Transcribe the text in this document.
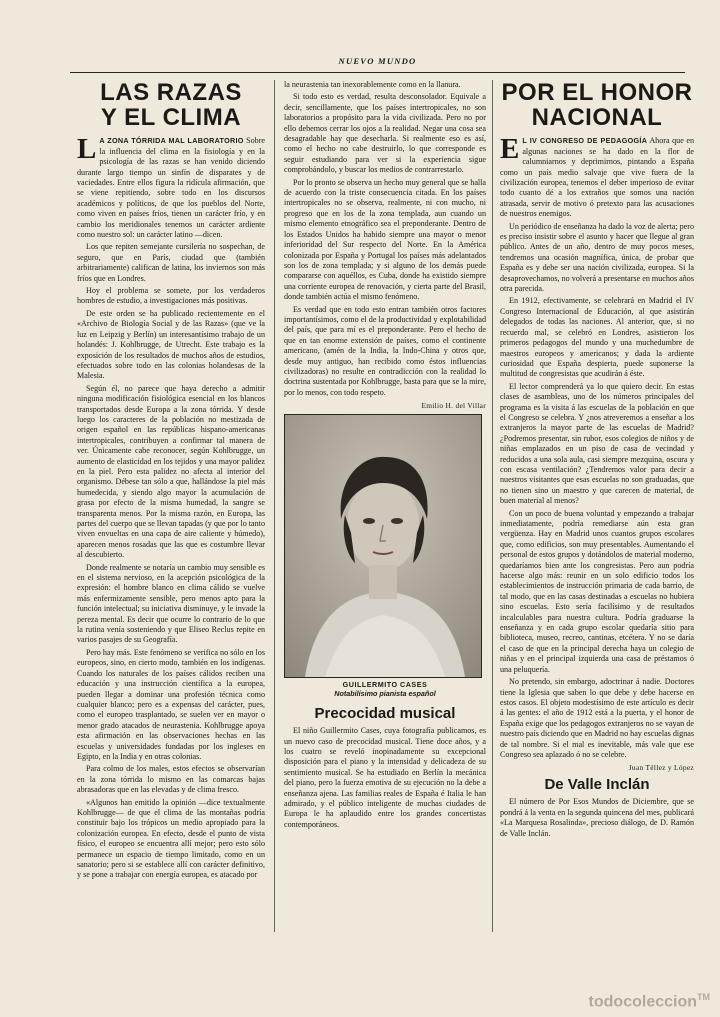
NUEVO MUNDO
LAS RAZAS
Y EL CLIMA

L A ZONA TÓRRIDA MAL LABORATORIO Sobre la influencia del clima en la fisiología y en la psicología de las razas se han venido diciendo durante largo tiempo un sinfín de disparates y de vaciedades. Entre ellos figura la ridícula afirmación, que se viene repitiendo, sobre todo en los discursos académicos y políticos, de que los pueblos del Norte, como viven en países fríos, tienen un carácter frío, y en cambio los meridionales tenemos un carácter ardiente como nuestro sol: un carácter latino —dicen.

Los que repiten semejante cursilería no sospechan, de seguro, que en París, ciudad que (también arbitrariamente) califican de latina, los inviernos son más fríos que en Londres.

Hoy el problema se somete, por los verdaderos hombres de estudio, a investigaciones más positivas.

De este orden se ha publicado recientemente en el «Archivo de Biología Social y de las Razas» (que ve la luz en Leipzig y Berlín) un interesantísimo trabajo de un holandés: J. Kohlbrugge, de Utrecht. Este trabajo es la exposición de los resultados de muchos años de estudios, efectuados sobre todo en las colonias holandesas de la Malesia.

Según él, no parece que haya derecho a admitir ninguna modificación fisiológica esencial en los blancos transportados desde Europa a la zona tórrida. Y desde luego los caracteres de la población no mestizada de origen español en las repúblicas hispano-americanas intertropicales, contribuyen a confirmar tal manera de ver. Únicamente cabe reconocer, según Kohlbrugge, un aumento de elasticidad en los tejidos y una mayor palidez en la piel. Pero esta palidez no afecta al interior del organismo. Débese tan sólo a que, hallándose la piel más humedecida, y siendo algo mayor la acumulación de grasa por efecto de la misma humedad, la sangre se transparenta menos. Por la misma razón, en Europa, las partes del cuerpo que se llevan tapadas (y que por lo tanto viven envueltas en una capa de aire caliente y húmedo), aparecen menos rosadas que las que es costumbre llevar al descubierto.

Donde realmente se notaría un cambio muy sensible es en el sistema nervioso, en la acepción psicológica de la expresión: el hombre blanco en clima cálido se vuelve más enfermizamente sensible, pero menos apto para la función intelectual; su iniciativa disminuye, y le invade la pereza mental. Es decir que ocurre lo contrario de lo que la rutina venía sosteniendo y que Eliseo Reclus repite en varios pasajes de su Geografía.

Pero hay más. Este fenómeno se verifica no sólo en los europeos, sino, en cierto modo, también en los indígenas. Cuando los naturales de los países cálidos reciben una educación y una instrucción científica a la europea, pueden llegar a dominar una profesión técnica como cualquier blanco; pero es a expensas del carácter, pues, como el europeo trasplantado, se suelen ver en mayor o menor grado atacados de neurastenia. Kohlbrugge apoya esta afirmación en las observaciones hechas en las escuelas y universidades fundadas por los ingleses en Egipto, en la India y en otras colonias.

Para colmo de los males, estos efectos se observarían en la zona tórrida lo mismo en las comarcas bajas abrasadoras que en las elevadas y de clima fresco.

«Algunos han emitido la opinión —dice textualmente Kohlbrugge— de que el clima de las montañas podría constituir bajo los trópicos un medio apropiado para la colonización europea. En efecto, desde el punto de vista físico, el europeo se encuentra allí mejor; pero esto sólo permanece un espacio de tiempo limitado, como en un sanatorio; pero si se establece allí con carácter definitivo, y se pone a trabajar con energía europea, es atacado por

la neurastenia tan inexorablemente como en la llanura.

Si todo esto es verdad, resulta desconsolador. Equivale a decir, sencillamente, que los países intertropicales, no son laboratorios a propósito para la vida civilizada. Pero no por ello debemos cerrar los ojos a la realidad. Negar una cosa sea desagradable hay que desecharla. Si realmente eso es así, como el hecho no cabe destruirlo, lo que corresponde es seguir estudiando para ver si la experiencia sigue comprobándolo, y buscar los medios de contrarrestarlo.

Por lo pronto se observa un hecho muy general que se halla de acuerdo con la triste consecuencia citada. En los países intertropicales no se observa, realmente, ni con mucho, ni progreso que en los de la zona templada, aun cuando un mismo elemento etnográfico sea el preponderante. Dentro de los Estados Unidos ha habido siempre una mayor o menor inferioridad del Sur respecto del Norte. En la América colonizada por España y Portugal los países más adelantados son los de zona templada; y si alguno de los demás puede compararse con aquéllos, es Cuba, donde ha existido siempre una corriente europea de renovación, y cierta parte del Brasil, donde también actúa el mismo fenómeno.

Es verdad que en todo esto entran también otros factores importantísimos, como el de la productividad y explotabilidad del país, que para mí es el preponderante. Pero el hecho de que en tan enorme extensión de países, como el continente americano, (amén de la India, la Indo-China y otros que, desde muy antiguo, han recibido como éstos influencias civilizadoras) no resulte en contradicción con la realidad lo doctrina sustentada por Kohlbrugge, basta para que se la mire, por lo menos, con todo respeto.

Emilio H. del Villar
GUILLERMITO CASES
Notabilísimo pianista español
Precocidad musical

El niño Guillermito Cases, cuya fotografía publicamos, es un nuevo caso de precocidad musical. Tiene doce años, y a los cuatro se reveló inopinadamente su excepcional disposición para el piano y la intensidad y delicadeza de su sentimiento musical. Se ha estudiado en Berlín la mecánica del piano, pero la fuerza emotiva de su ejecución no la debe a enseñanza ajena. Las familias reales de España é Italia le han admirado, y el público inteligente de muchas ciudades de Europa le ha aplaudido entre los grandes concertistas contemporáneos.

POR EL HONOR
NACIONAL

E L IV CONGRESO DE PEDAGOGÍA Ahora que en algunas naciones se ha dado en la flor de calumniarnos y deprimirnos, pintando a España como un país medio salvaje que vive fuera de la civilización europea, tenemos el deber imperioso de evitar todo cuanto dé a los extraños que somos una nación atrasada, servir de motivo ó pretexto para las acusaciones de nuestros enemigos.

Un periódico de enseñanza ha dado la voz de alerta; pero es preciso insistir sobre el asunto y hacer que llegue al gran público. Antes de un año, dentro de muy pocos meses, tendremos una ocasión magnífica, única, de probar que España es y debe ser una nación civilizada, europea. Si la desaprovechamos, no volverá a presentarse en muchos años otra parecida.

En 1912, efectivamente, se celebrará en Madrid el IV Congreso Internacional de Educación, al que asistirán delegados de todas las naciones. Al anterior, que, si no recuerdo mal, se celebró en Londres, asistieron los primeros pedagogos del mundo y una muchedumbre de maestros europeos y americanos; y dada la ardiente curiosidad que España despierta, puede suponerse la multitud de congresistas que acudirán á éste.

El lector comprenderá ya lo que quiero decir. En estas clases de asambleas, uno de los números principales del programa es la visita á las escuelas de la población en que el Congreso se celebra. Y ¿nos atreveremos a enseñar a los extranjeros la mayor parte de las escuelas de Madrid? ¿Podremos presentar, sin rubor, esos colegios de niños y de niñas emplazados en un piso de casa de vecindad y reducidos a una sola aula, casi siempre mezquina, oscura y con escasa ventilación? ¿Tendremos valor para decir a nuestros visitantes que esas escuelas no son graduadas, que no tienen sino un maestro y que carecen de material, de buen material al menos?

Con un poco de buena voluntad y empezando a trabajar inmediatamente, podría remediarse aún esta gran vergüenza. Hay en Madrid unos cuantos grupos escolares que, como edificios, son muy presentables. Aumentando el personal de estos grupos y dotándolos de material moderno, quedaríamos bien ante los congresistas. Pero aun podría hacerse algo más: reunir en un solo edificio todos los establecimientos de instrucción primaria de cada barrio, de tal modo, que en las casas destinadas a escuelas no hubiera sino escuelas. Esto sería facilísimo y de resultados incalculables para nuestra cultura. Podría graduarse la enseñanza y en cada grupo escolar quedaría sitio para biblioteca, museo, recreo, cantinas, etcétera. Y no se daría el caso de que en la principal derecha haya un colegio de niñas y en el principal izquierda una casa de préstamos ó una peluquería.

No pretendo, sin embargo, adoctrinar á nadie. Doctores tiene la Iglesia que saben lo que debe y debe hacerse en estos casos. El objeto modestísimo de este artículo es decir á las gentes: el año de 1912 está a la puerta, y el honor de España exige que los pedagogos extranjeros no se vayan de nuestro país diciendo que en Madrid no hay escuelas dignas de tal nombre. Si el mal es inevitable, más vale que ese Congreso sea aplazado ó no se celebre.

Juan Téllez y López
De Valle Inclán

El número de Por Esos Mundos de Diciembre, que se pondrá á la venta en la segunda quincena del mes, publicará «La Marquesa Rosalinda», precioso diálogo, de D. Ramón de Valle Inclán.

todocoleccion™
